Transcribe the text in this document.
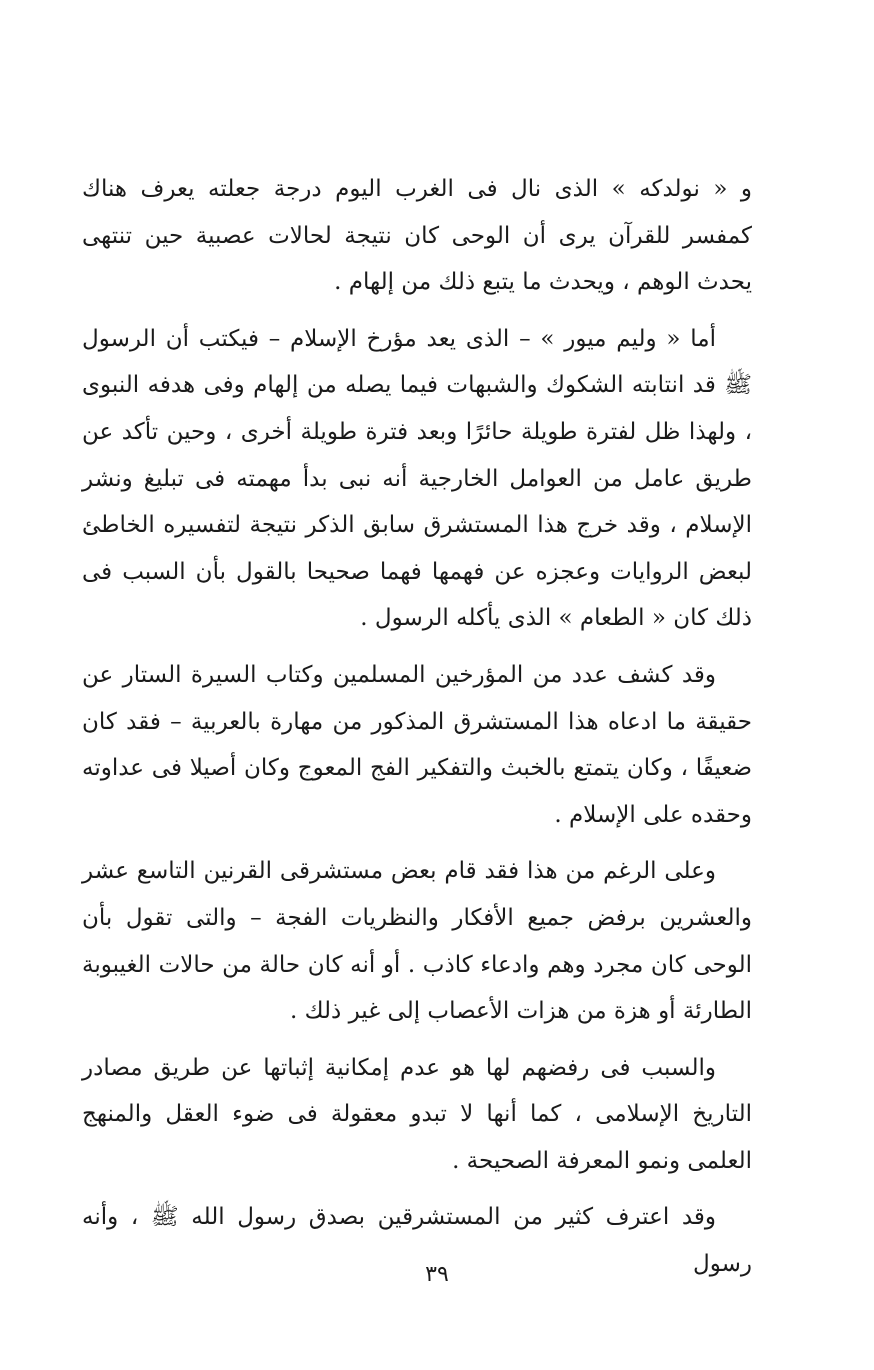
و « نولدكه » الذى نال فى الغرب اليوم درجة جعلته يعرف هناك كمفسر للقرآن يرى أن الوحى كان نتيجة لحالات عصبية حين تنتهى يحدث الوهم ، ويحدث ما يتبع ذلك من إلهام .

أما « وليم ميور » – الذى يعد مؤرخ الإسلام – فيكتب أن الرسول ﷺ قد انتابته الشكوك والشبهات فيما يصله من إلهام وفى هدفه النبوى ، ولهذا ظل لفترة طويلة حائرًا وبعد فترة طويلة أخرى ، وحين تأكد عن طريق عامل من العوامل الخارجية أنه نبى بدأ مهمته فى تبليغ ونشر الإسلام ، وقد خرج هذا المستشرق سابق الذكر نتيجة لتفسيره الخاطئ لبعض الروايات وعجزه عن فهمها فهما صحيحا بالقول بأن السبب فى ذلك كان « الطعام » الذى يأكله الرسول .

وقد كشف عدد من المؤرخين المسلمين وكتاب السيرة الستار عن حقيقة ما ادعاه هذا المستشرق المذكور من مهارة بالعربية – فقد كان ضعيفًا ، وكان يتمتع بالخبث والتفكير الفج المعوج وكان أصيلا فى عداوته وحقده على الإسلام .

وعلى الرغم من هذا فقد قام بعض مستشرقى القرنين التاسع عشر والعشرين برفض جميع الأفكار والنظريات الفجة – والتى تقول بأن الوحى كان مجرد وهم وادعاء كاذب . أو أنه كان حالة من حالات الغيبوبة الطارئة أو هزة من هزات الأعصاب إلى غير ذلك .

والسبب فى رفضهم لها هو عدم إمكانية إثباتها عن طريق مصادر التاريخ الإسلامى ، كما أنها لا تبدو معقولة فى ضوء العقل والمنهج العلمى ونمو المعرفة الصحيحة .

وقد اعترف كثير من المستشرقين بصدق رسول الله ﷺ ، وأنه رسول

٣٩
